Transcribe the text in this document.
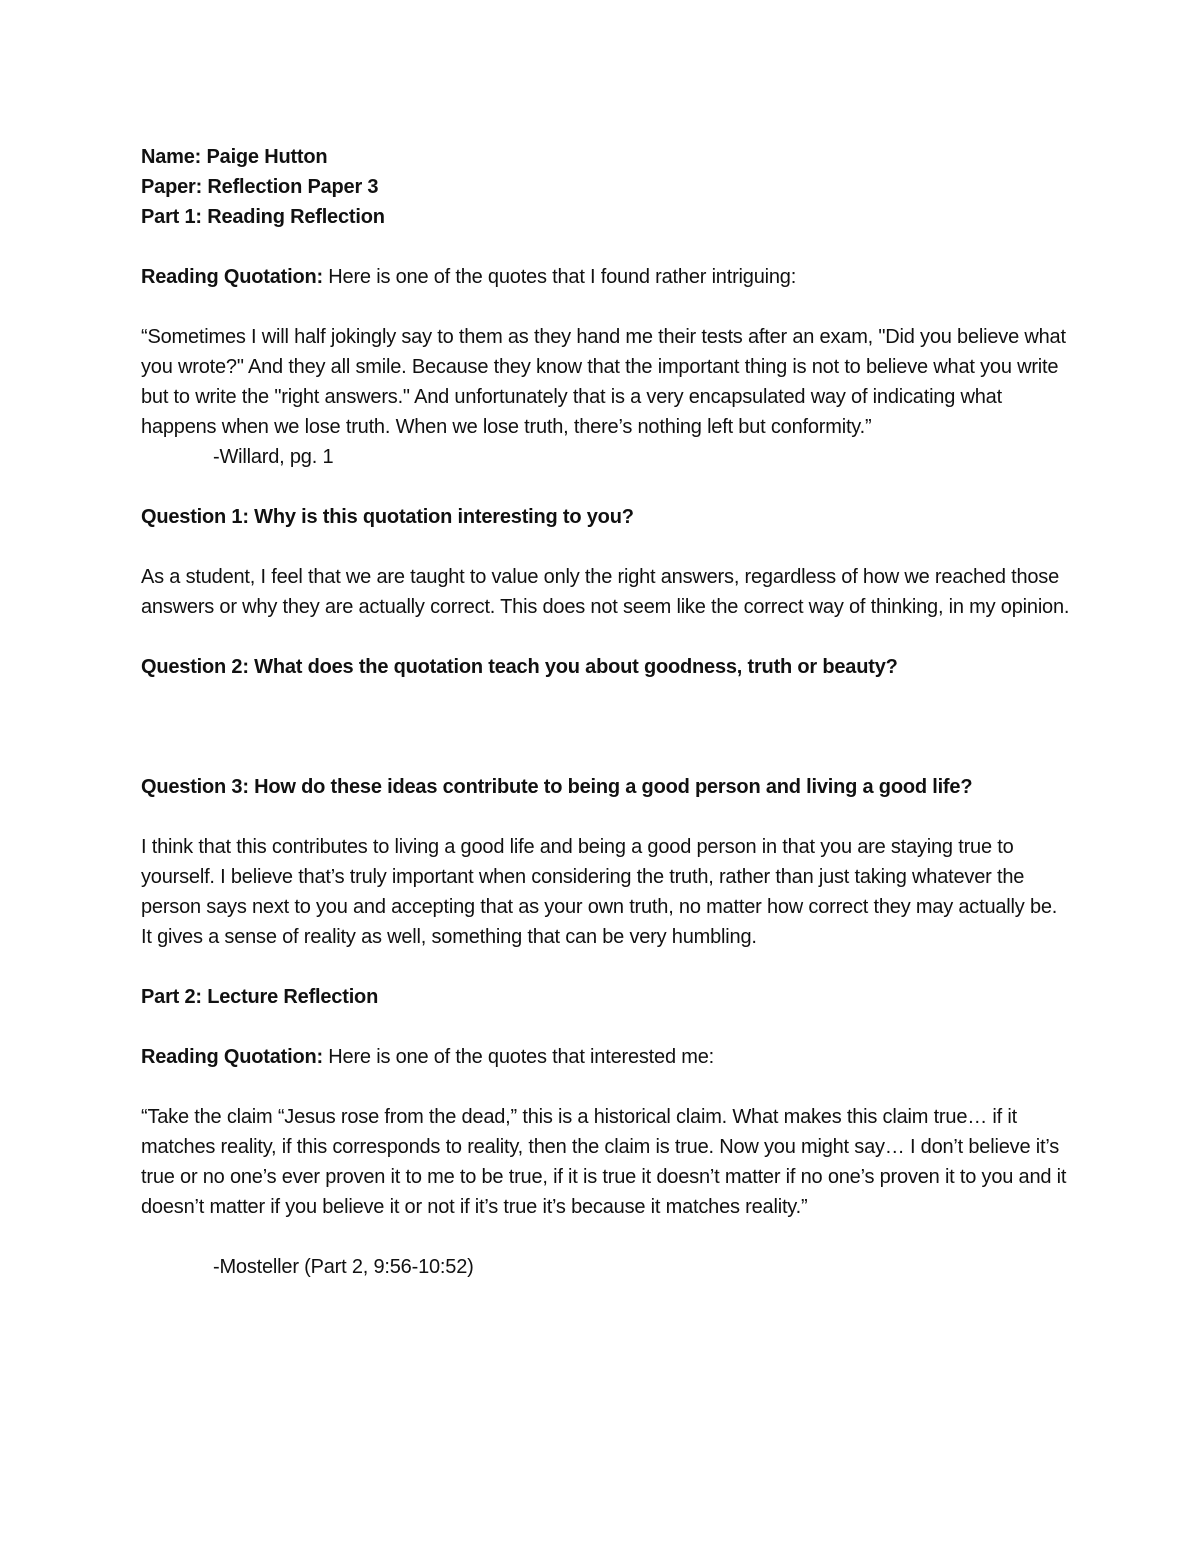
Name: Paige Hutton

Paper: Reflection Paper 3

Part 1: Reading Reflection

Reading Quotation: Here is one of the quotes that I found rather intriguing:

“Sometimes I will half jokingly say to them as they hand me their tests after an exam, "Did you believe what you wrote?" And they all smile. Because they know that the important thing is not to believe what you write but to write the "right answers." And unfortunately that is a very encapsulated way of indicating what happens when we lose truth. When we lose truth, there’s nothing left but conformity.”

-Willard, pg. 1

Question 1: Why is this quotation interesting to you?

As a student, I feel that we are taught to value only the right answers, regardless of how we reached those answers or why they are actually correct. This does not seem like the correct way of thinking, in my opinion.

Question 2: What does the quotation teach you about goodness, truth or beauty?

Question 3: How do these ideas contribute to being a good person and living a good life?

I think that this contributes to living a good life and being a good person in that you are staying true to yourself. I believe that’s truly important when considering the truth, rather than just taking whatever the person says next to you and accepting that as your own truth, no matter how correct they may actually be. It gives a sense of reality as well, something that can be very humbling.

Part 2: Lecture Reflection

Reading Quotation: Here is one of the quotes that interested me:

“Take the claim “Jesus rose from the dead,” this is a historical claim. What makes this claim true… if it matches reality, if this corresponds to reality, then the claim is true. Now you might say… I don’t believe it’s true or no one’s ever proven it to me to be true, if it is true it doesn’t matter if no one’s proven it to you and it doesn’t matter if you believe it or not if it’s true it’s because it matches reality.”

-Mosteller (Part 2, 9:56-10:52)
